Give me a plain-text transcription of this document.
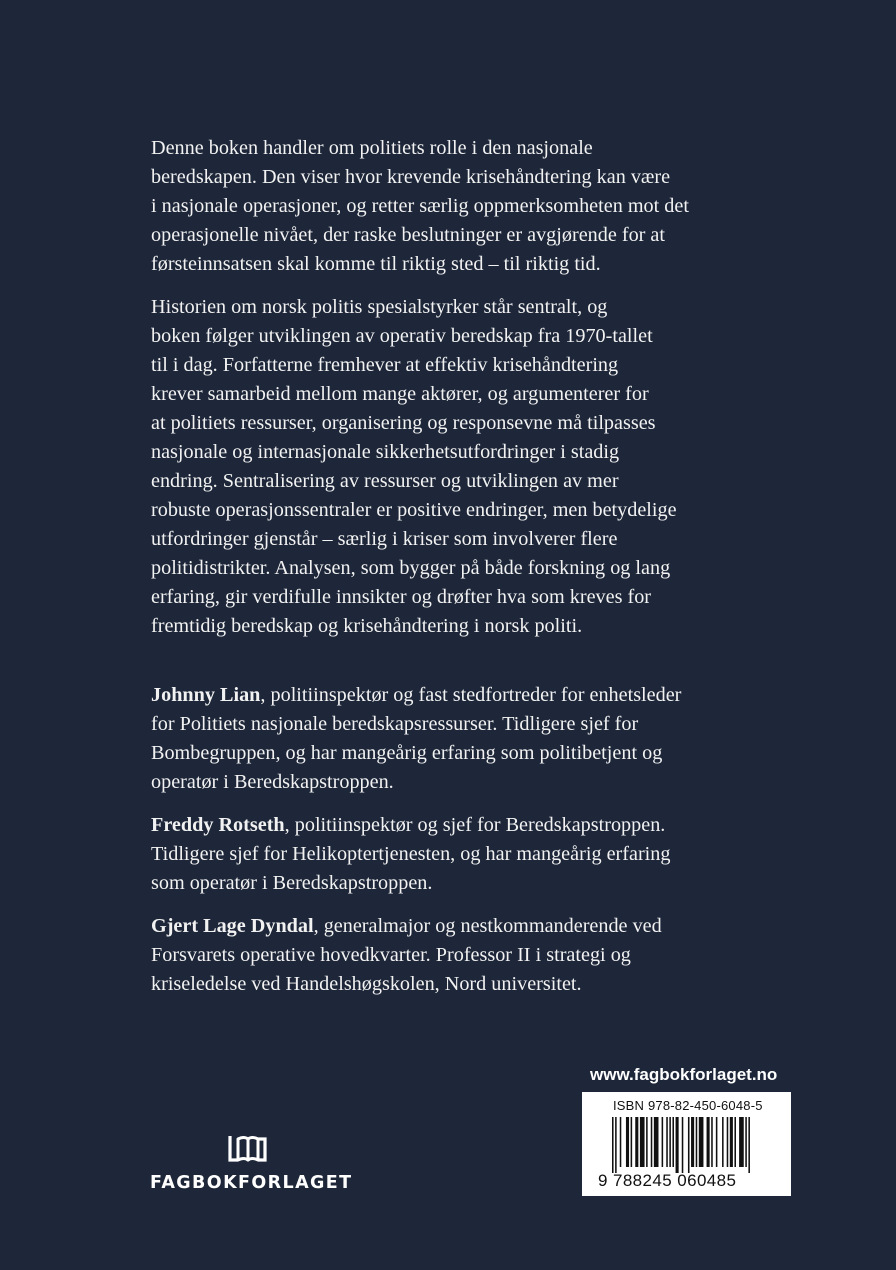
Denne boken handler om politiets rolle i den nasjonale
beredskapen. Den viser hvor krevende krisehåndtering kan være
i nasjonale operasjoner, og retter særlig oppmerksomheten mot det
operasjonelle nivået, der raske beslutninger er avgjørende for at
førsteinnsatsen skal komme til riktig sted – til riktig tid.

Historien om norsk politis spesialstyrker står sentralt, og
boken følger utviklingen av operativ beredskap fra 1970-tallet
til i dag. Forfatterne fremhever at effektiv krisehåndtering
krever samarbeid mellom mange aktører, og argumenterer for
at politiets ressurser, organisering og responsevne må tilpasses
nasjonale og internasjonale sikkerhetsutfordringer i stadig
endring. Sentralisering av ressurser og utviklingen av mer
robuste operasjonssentraler er positive endringer, men betydelige
utfordringer gjenstår – særlig i kriser som involverer flere
politidistrikter. Analysen, som bygger på både forskning og lang
erfaring, gir verdifulle innsikter og drøfter hva som kreves for
fremtidig beredskap og krisehåndtering i norsk politi.

Johnny Lian, politiinspektør og fast stedfortreder for enhetsleder
for Politiets nasjonale beredskapsressurser. Tidligere sjef for
Bombegruppen, og har mangeårig erfaring som politibetjent og
operatør i Beredskapstroppen.

Freddy Rotseth, politiinspektør og sjef for Beredskapstroppen.
Tidligere sjef for Helikoptertjenesten, og har mangeårig erfaring
som operatør i Beredskapstroppen.

Gjert Lage Dyndal, generalmajor og nestkommanderende ved
Forsvarets operative hovedkvarter. Professor II i strategi og
kriseledelse ved Handelshøgskolen, Nord universitet.

www.fagbokforlaget.no
ISBN 978-82-450-6048-5
9 788245 060485
FAGBOKFORLAGET
